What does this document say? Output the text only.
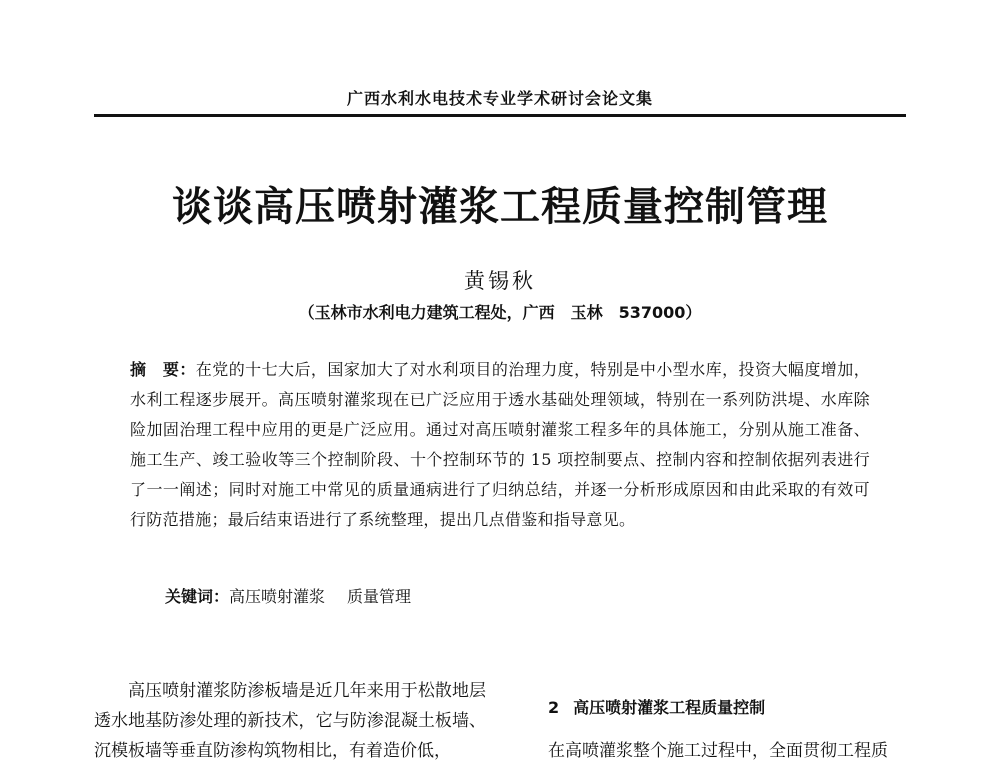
广西水利水电技术专业学术研讨会论文集
谈谈高压喷射灌浆工程质量控制管理
黄锡秋
（玉林市水利电力建筑工程处，广西　玉林　537000）
摘　要：在党的十七大后，国家加大了对水利项目的治理力度，特别是中小型水库，投资大幅度增加，水利工程逐步展开。高压喷射灌浆现在已广泛应用于透水基础处理领域，特别在一系列防洪堤、水库除险加固治理工程中应用的更是广泛应用。通过对高压喷射灌浆工程多年的具体施工，分别从施工准备、施工生产、竣工验收等三个控制阶段、十个控制环节的 15 项控制要点、控制内容和控制依据列表进行了一一阐述；同时对施工中常见的质量通病进行了归纳总结，并逐一分析形成原因和由此采取的有效可行防范措施；最后结束语进行了系统整理，提出几点借鉴和指导意见。
关键词：高压喷射灌浆 质量管理
高压喷射灌浆防渗板墙是近几年来用于松散地层透水地基防渗处理的新技术，它与防渗混凝土板墙、沉模板墙等垂直防渗构筑物相比，有着造价低，
2 高压喷射灌浆工程质量控制
在高喷灌浆整个施工过程中，全面贯彻工程质
